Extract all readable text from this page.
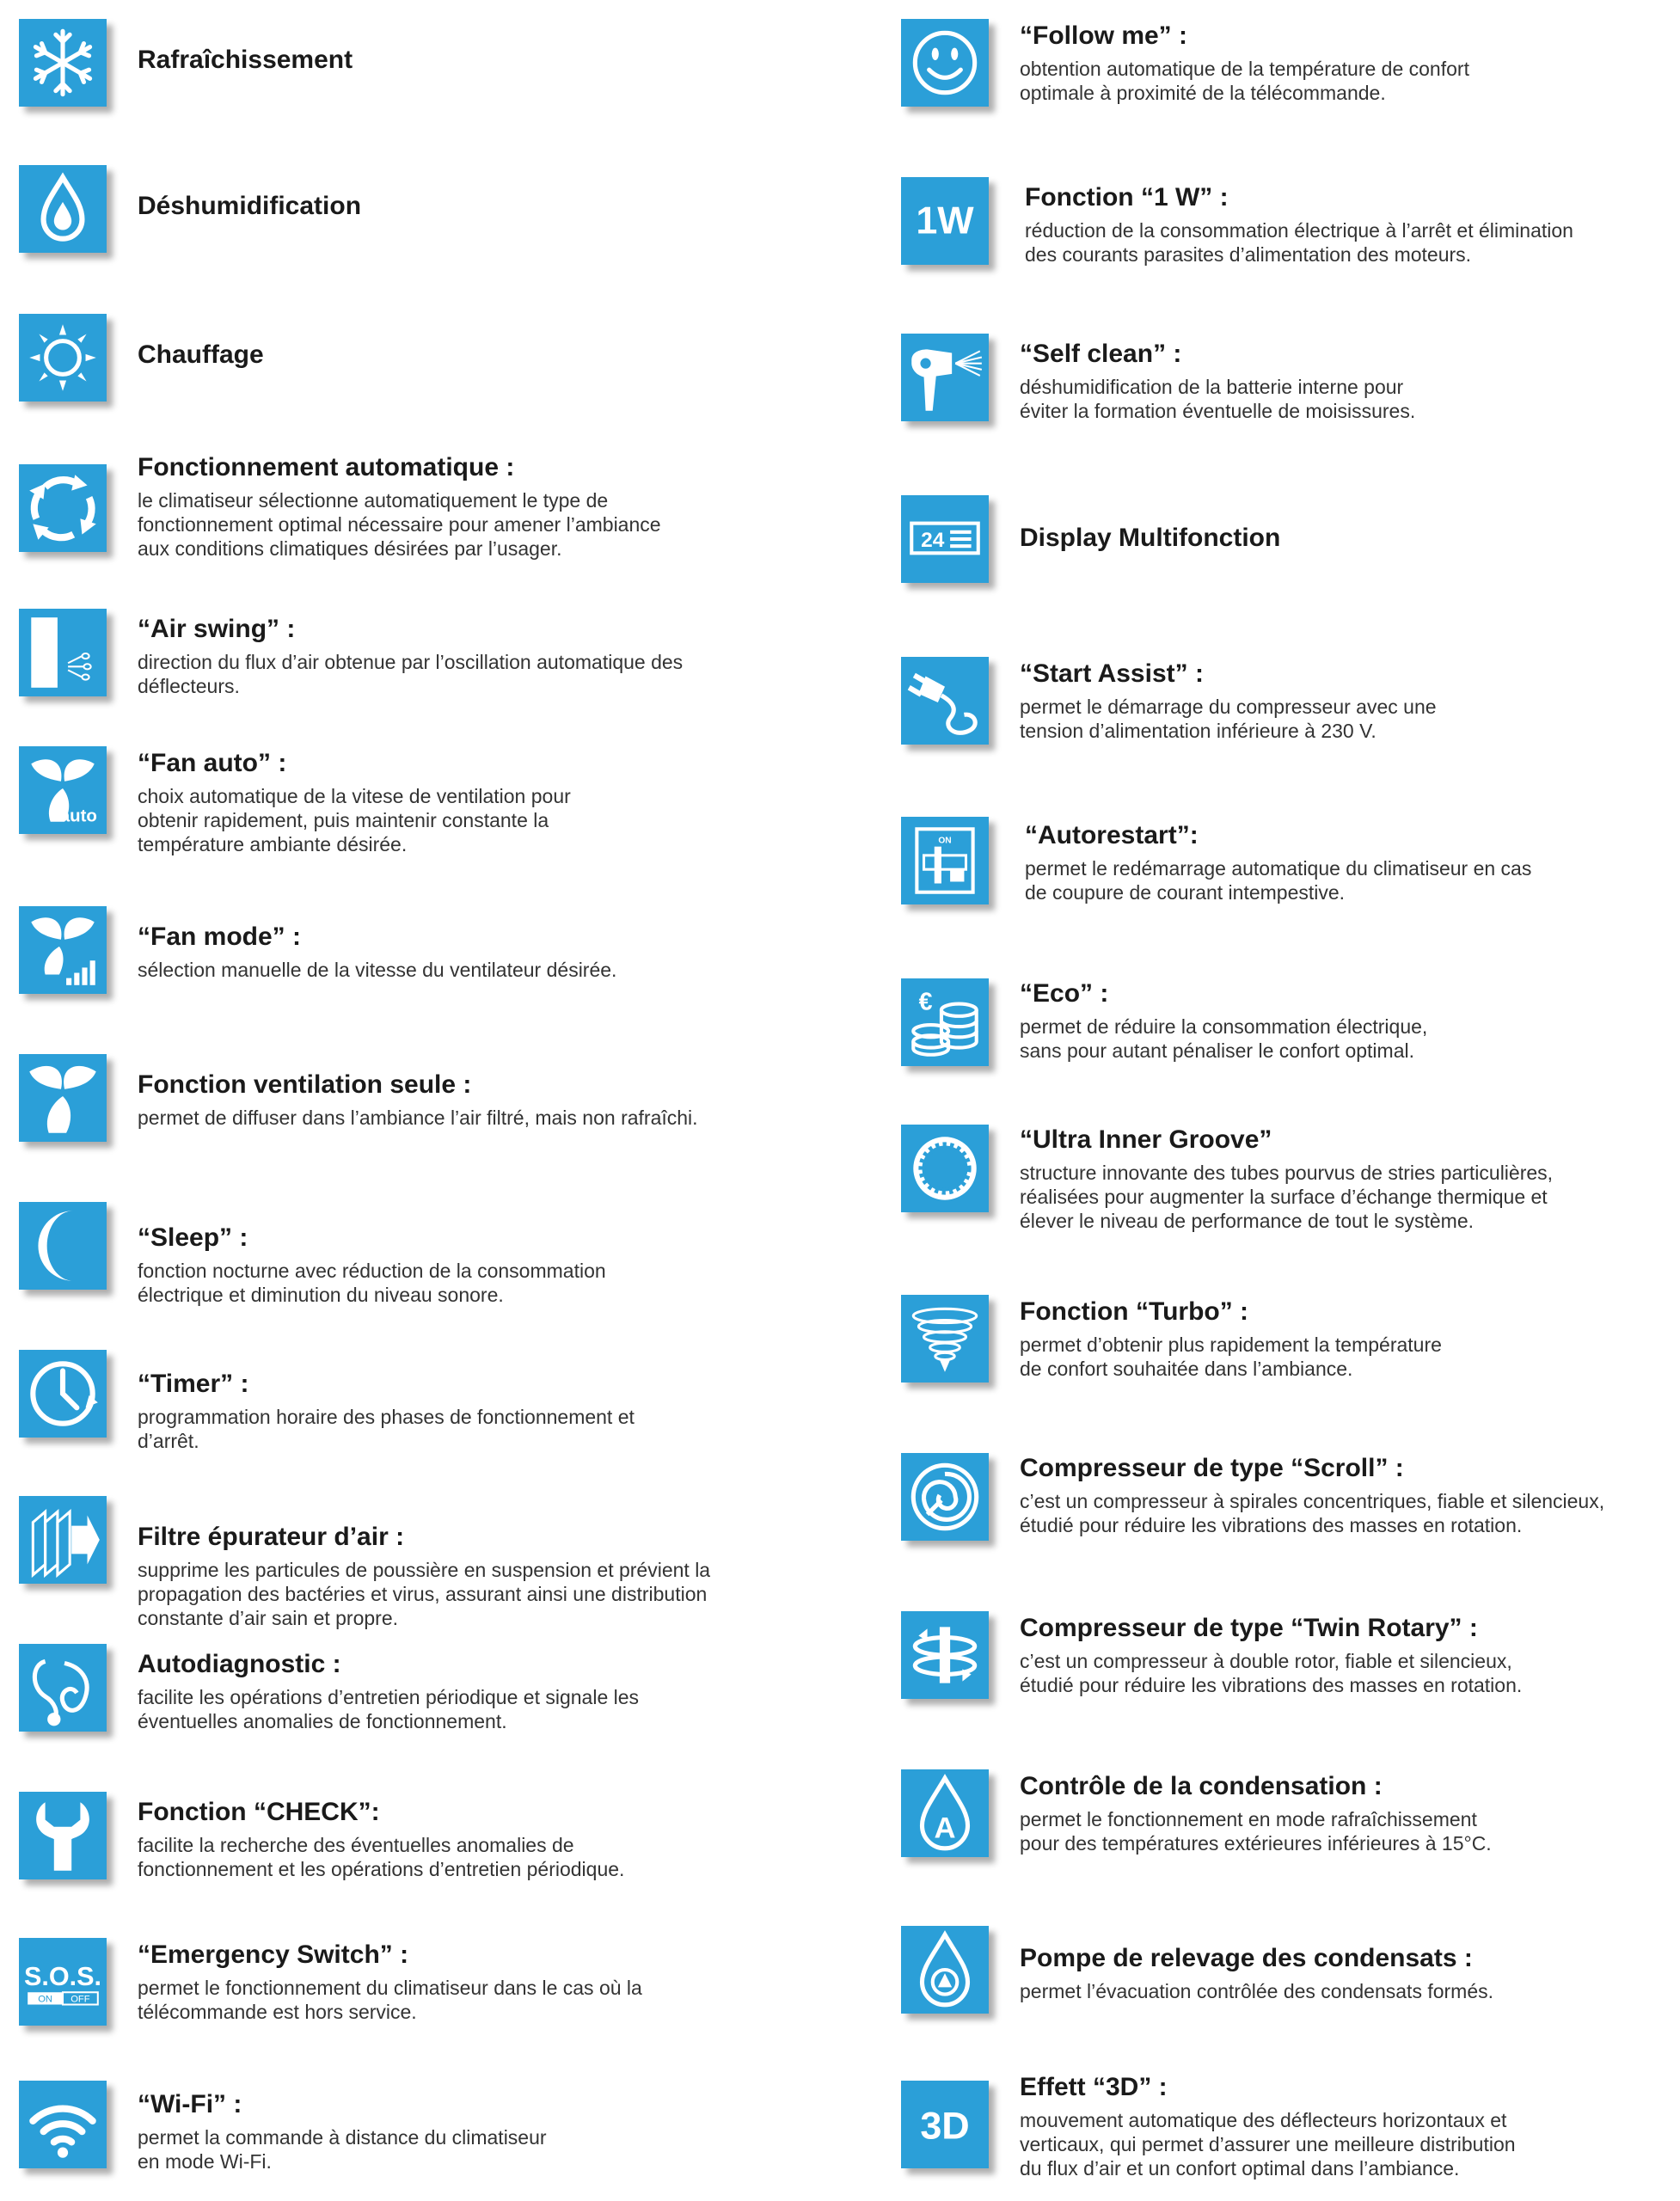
Rafraîchissement

Déshumidification

Chauffage

Fonctionnement automatique :

le climatiseur sélectionne automatiquement le type de
fonctionnement optimal nécessaire pour amener l’ambiance
aux conditions climatiques désirées par l’usager.

“Air swing” :

direction du flux d’air obtenue par l’oscillation automatique des
déflecteurs.

auto

“Fan auto” :

choix automatique de la vitese de ventilation pour
obtenir rapidement, puis maintenir constante la
température ambiante désirée.

“Fan mode” :

sélection manuelle de la vitesse du ventilateur désirée.

Fonction ventilation seule :

permet de diffuser dans l’ambiance l’air filtré, mais non rafraîchi.

“Sleep” :

fonction nocturne avec réduction de la consommation
électrique et diminution du niveau sonore.

“Timer” :

programmation horaire des phases de fonctionnement et
d’arrêt.

Filtre épurateur d’air :

supprime les particules de poussière en suspension et prévient la
propagation des bactéries et virus, assurant ainsi une distribution
constante d’air sain et propre.

Autodiagnostic :

facilite les opérations d’entretien périodique et signale les
éventuelles anomalies de fonctionnement.

Fonction “CHECK”:

facilite la recherche des éventuelles anomalies de
fonctionnement et les opérations d’entretien périodique.

S.O.S.
ON OFF

“Emergency Switch” :

permet le fonctionnement du climatiseur dans le cas où la
télécommande est hors service.

“Wi-Fi” :

permet la commande à distance du climatiseur
en mode Wi-Fi.

“Follow me” :

obtention automatique de la température de confort
optimale à proximité de la télécommande.

1W

Fonction “1 W” :

réduction de la consommation électrique à l’arrêt et élimination
des courants parasites d’alimentation des moteurs.

“Self clean” :

déshumidification de la batterie interne pour
éviter la formation éventuelle de moisissures.

24	Display Multifonction

“Start Assist” :

permet le démarrage du compresseur avec une
tension d’alimentation inférieure à 230 V.

ON	“Autorestart”:

permet le redémarrage automatique du climatiseur en cas
de coupure de courant intempestive.

€	“Eco” :

permet de réduire la consommation électrique,
sans pour autant pénaliser le confort optimal.

“Ultra Inner Groove”

structure innovante des tubes pourvus de stries particulières,
réalisées pour augmenter la surface d’échange thermique et
élever le niveau de performance de tout le système.

Fonction “Turbo” :

permet d’obtenir plus rapidement la température
de confort souhaitée dans l’ambiance.

Compresseur de type “Scroll” :

c’est un compresseur à spirales concentriques, fiable et silencieux,
étudié pour réduire les vibrations des masses en rotation.

Compresseur de type “Twin Rotary” :

c’est un compresseur à double rotor, fiable et silencieux,
étudié pour réduire les vibrations des masses en rotation.

A

Contrôle de la condensation :

permet le fonctionnement en mode rafraîchissement
pour des températures extérieures inférieures à 15°C.

Pompe de relevage des condensats :

permet l’évacuation contrôlée des condensats formés.

3D

Effett “3D” :

mouvement automatique des déflecteurs horizontaux et
verticaux, qui permet d’assurer une meilleure distribution
du flux d’air et un confort optimal dans l’ambiance.
